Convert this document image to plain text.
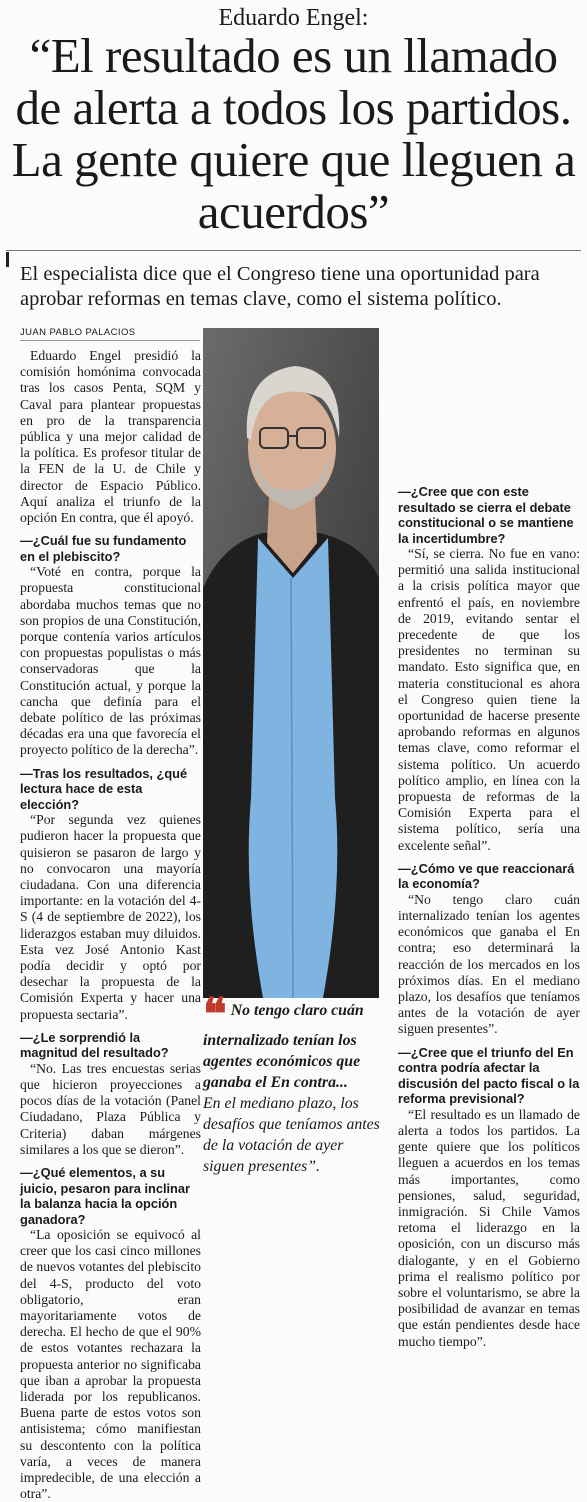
Eduardo Engel:
“El resultado es un llamado de alerta a todos los partidos. La gente quiere que lleguen a acuerdos”
El especialista dice que el Congreso tiene una oportunidad para aprobar reformas en temas clave, como el sistema político.
JUAN PABLO PALACIOS

Eduardo Engel presidió la comisión homónima convocada tras los casos Penta, SQM y Caval para plantear propuestas en pro de la transparencia pública y una mejor calidad de la política. Es profesor titular de la FEN de la U. de Chile y director de Espacio Público. Aquí analiza el triunfo de la opción En contra, que él apoyó.

—¿Cuál fue su fundamento en el plebiscito?

“Voté en contra, porque la propuesta constitucional abordaba muchos temas que no son propios de una Constitución, porque contenía varios artículos con propuestas populistas o más conservadoras que la Constitución actual, y porque la cancha que definía para el debate político de las próximas décadas era una que favorecía el proyecto político de la derecha”.

—Tras los resultados, ¿qué lectura hace de esta elección?

“Por segunda vez quienes pudieron hacer la propuesta que quisieron se pasaron de largo y no convocaron una mayoría ciudadana. Con una diferencia importante: en la votación del 4-S (4 de septiembre de 2022), los liderazgos estaban muy diluidos. Esta vez José Antonio Kast podía decidir y optó por desechar la propuesta de la Comisión Experta y hacer una propuesta sectaria”.

—¿Le sorprendió la magnitud del resultado?

“No. Las tres encuestas serias que hicieron proyecciones a pocos días de la votación (Panel Ciudadano, Plaza Pública y Criteria) daban márgenes similares a los que se dieron”.

—¿Qué elementos, a su juicio, pesaron para inclinar la balanza hacia la opción ganadora?

“La oposición se equivocó al creer que los casi cinco millones de nuevos votantes del plebiscito del 4-S, producto del voto obligatorio, eran mayoritariamente votos de derecha. El hecho de que el 90% de estos votantes rechazara la propuesta anterior no significaba que iban a aprobar la propuesta liderada por los republicanos. Buena parte de estos votos son antisistema; cómo manifiestan su descontento con la política varía, a veces de manera impredecible, de una elección a otra”.

❝ No tengo claro cuán internalizado tenían los agentes económicos que ganaba el En contra...
En el mediano plazo, los desafíos que teníamos antes de la votación de ayer siguen presentes”.

—¿Cree que con este resultado se cierra el debate constitucional o se mantiene la incertidumbre?

“Sí, se cierra. No fue en vano: permitió una salida institucional a la crisis política mayor que enfrentó el país, en noviembre de 2019, evitando sentar el precedente de que los presidentes no terminan su mandato. Esto significa que, en materia constitucional es ahora el Congreso quien tiene la oportunidad de hacerse presente aprobando reformas en algunos temas clave, como reformar el sistema político. Un acuerdo político amplio, en línea con la propuesta de reformas de la Comisión Experta para el sistema político, sería una excelente señal”.

—¿Cómo ve que reaccionará la economía?

“No tengo claro cuán internalizado tenían los agentes económicos que ganaba el En contra; eso determinará la reacción de los mercados en los próximos días. En el mediano plazo, los desafíos que teníamos antes de la votación de ayer siguen presentes”.

—¿Cree que el triunfo del En contra podría afectar la discusión del pacto fiscal o la reforma previsional?

“El resultado es un llamado de alerta a todos los partidos. La gente quiere que los políticos lleguen a acuerdos en los temas más importantes, como pensiones, salud, seguridad, inmigración. Si Chile Vamos retoma el liderazgo en la oposición, con un discurso más dialogante, y en el Gobierno prima el realismo político por sobre el voluntarismo, se abre la posibilidad de avanzar en temas que están pendientes desde hace mucho tiempo”.
